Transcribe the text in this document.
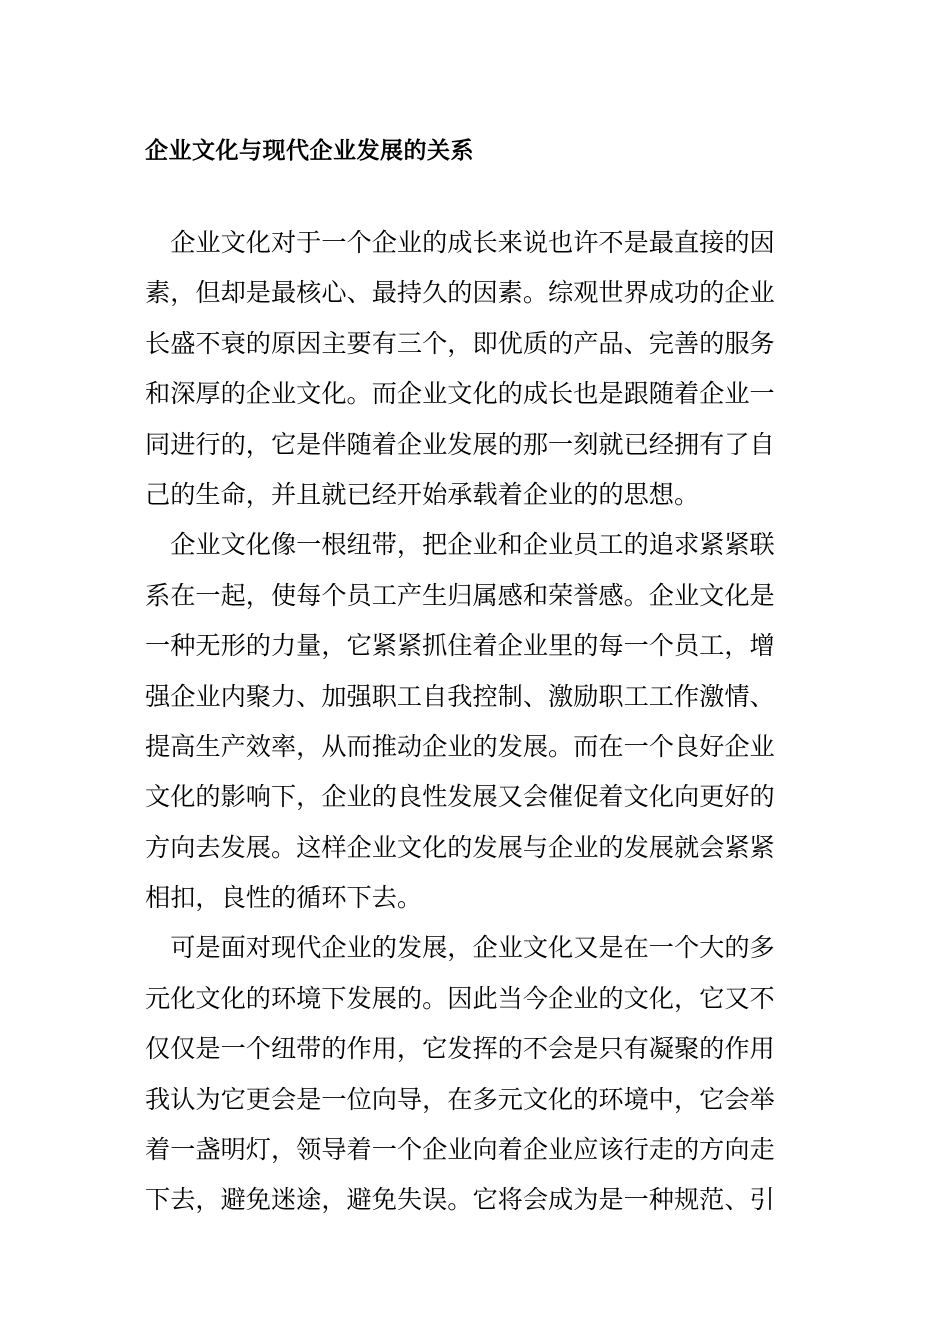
企业文化与现代企业发展的关系
　企业文化对于一个企业的成长来说也许不是最直接的因
素，但却是最核心、最持久的因素。综观世界成功的企业
长盛不衰的原因主要有三个，即优质的产品、完善的服务
和深厚的企业文化。而企业文化的成长也是跟随着企业一
同进行的，它是伴随着企业发展的那一刻就已经拥有了自
己的生命，并且就已经开始承载着企业的的思想。
　企业文化像一根纽带，把企业和企业员工的追求紧紧联
系在一起，使每个员工产生归属感和荣誉感。企业文化是
一种无形的力量，它紧紧抓住着企业里的每一个员工，增
强企业内聚力、加强职工自我控制、激励职工工作激情、
提高生产效率，从而推动企业的发展。而在一个良好企业
文化的影响下，企业的良性发展又会催促着文化向更好的
方向去发展。这样企业文化的发展与企业的发展就会紧紧
相扣，良性的循环下去。
　可是面对现代企业的发展，企业文化又是在一个大的多
元化文化的环境下发展的。因此当今企业的文化，它又不
仅仅是一个纽带的作用，它发挥的不会是只有凝聚的作用
我认为它更会是一位向导，在多元文化的环境中，它会举
着一盏明灯，领导着一个企业向着企业应该行走的方向走
下去，避免迷途，避免失误。它将会成为是一种规范、引
